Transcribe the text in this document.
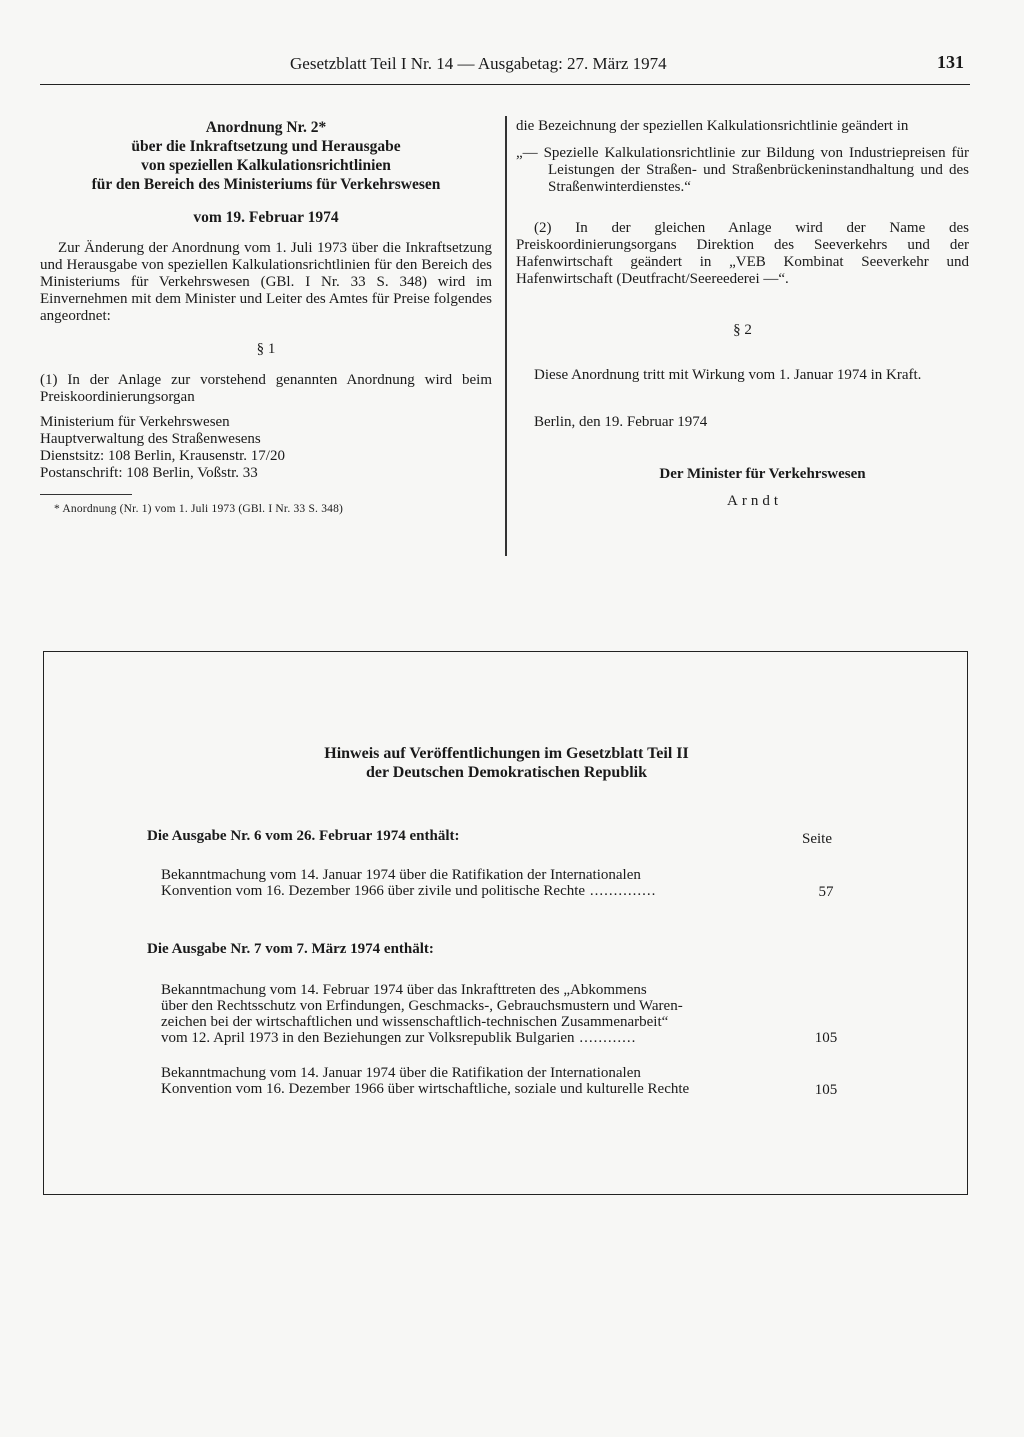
Gesetzblatt Teil I Nr. 14 — Ausgabetag: 27. März 1974	131
Anordnung Nr. 2*
über die Inkraftsetzung und Herausgabe
von speziellen Kalkulationsrichtlinien
für den Bereich des Ministeriums für Verkehrswesen
vom 19. Februar 1974

Zur Änderung der Anordnung vom 1. Juli 1973 über die Inkraftsetzung und Herausgabe von speziellen Kalkulationsrichtlinien für den Bereich des Ministeriums für Verkehrswesen (GBl. I Nr. 33 S. 348) wird im Einvernehmen mit dem Minister und Leiter des Amtes für Preise folgendes angeordnet:

§ 1

(1) In der Anlage zur vorstehend genannten Anordnung wird beim Preiskoordinierungsorgan

Ministerium für Verkehrswesen
Hauptverwaltung des Straßenwesens
Dienstsitz: 108 Berlin, Krausenstr. 17/20
Postanschrift: 108 Berlin, Voßstr. 33
* Anordnung (Nr. 1) vom 1. Juli 1973 (GBl. I Nr. 33 S. 348)

die Bezeichnung der speziellen Kalkulationsrichtlinie geändert in

„— Spezielle Kalkulationsrichtlinie zur Bildung von Industriepreisen für Leistungen der Straßen- und Straßenbrückeninstandhaltung und des Straßenwinterdienstes.“

(2) In der gleichen Anlage wird der Name des Preiskoordinierungsorgans Direktion des Seeverkehrs und der Hafenwirtschaft geändert in „VEB Kombinat Seeverkehr und Hafenwirtschaft (Deutfracht/Seereederei —“.

§ 2

Diese Anordnung tritt mit Wirkung vom 1. Januar 1974 in Kraft.

Berlin, den 19. Februar 1974
Der Minister für Verkehrswesen
Arndt
Hinweis auf Veröffentlichungen im Gesetzblatt Teil II
der Deutschen Demokratischen Republik
Die Ausgabe Nr. 6 vom 26. Februar 1974 enthält:	Seite
Bekanntmachung vom 14. Januar 1974 über die Ratifikation der Internationalen
Konvention vom 16. Dezember 1966 über zivile und politische Rechte ..............	57
Die Ausgabe Nr. 7 vom 7. März 1974 enthält:
Bekanntmachung vom 14. Februar 1974 über das Inkrafttreten des „Abkommens
über den Rechtsschutz von Erfindungen, Geschmacks-, Gebrauchsmustern und Waren-
zeichen bei der wirtschaftlichen und wissenschaftlich-technischen Zusammenarbeit“
vom 12. April 1973 in den Beziehungen zur Volksrepublik Bulgarien ............	105
Bekanntmachung vom 14. Januar 1974 über die Ratifikation der Internationalen
Konvention vom 16. Dezember 1966 über wirtschaftliche, soziale und kulturelle Rechte	105
